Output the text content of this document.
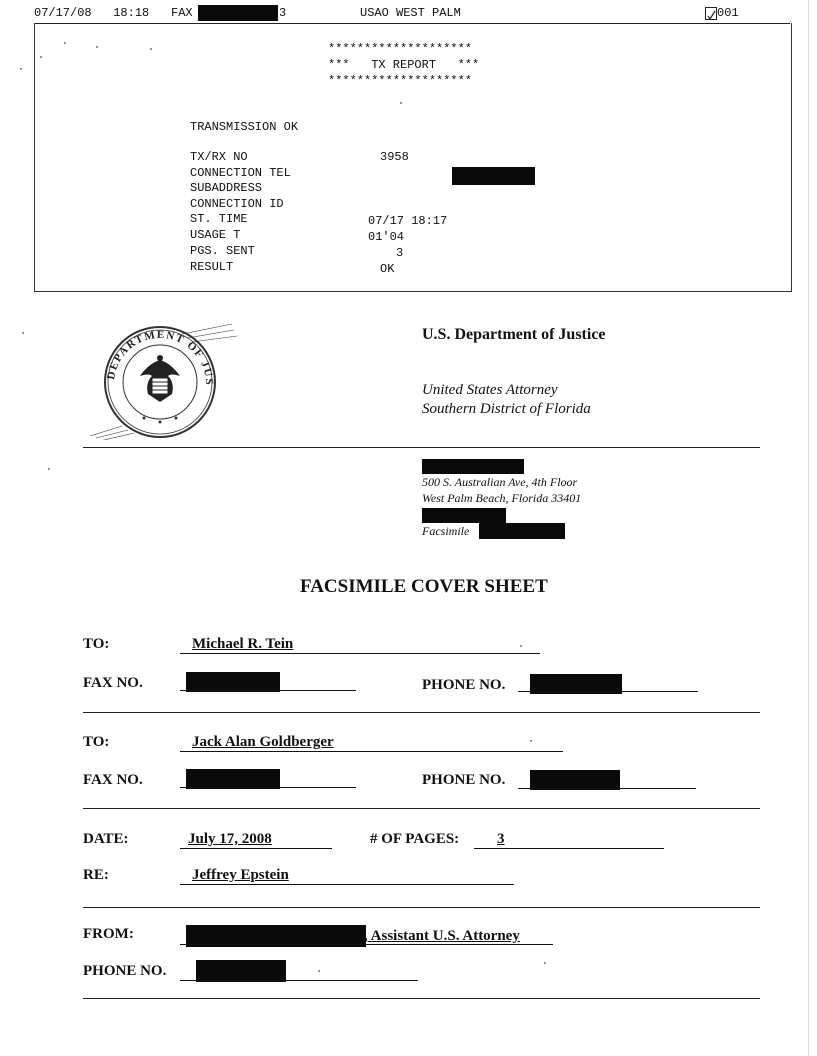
07/17/08   18:18 FAX	3	USAO WEST PALM	001
********************
***   TX REPORT   ***
********************
TRANSMISSION OK
TX/RX NO	3958
CONNECTION TEL
SUBADDRESS
CONNECTION ID
ST. TIME	07/17 18:17
USAGE T	01'04
PGS. SENT	3
RESULT	OK
DEPARTMENT OF JUS
U.S. Department of Justice
United States Attorney
Southern District of Florida
500 S. Australian Ave, 4th Floor
West Palm Beach, Florida 33401
Facsimile
FACSIMILE COVER SHEET
TO:	Michael R. Tein
FAX NO.	PHONE NO.
TO:	Jack Alan Goldberger
FAX NO.	PHONE NO.
DATE:	July 17, 2008	# OF PAGES:	3
RE:	Jeffrey Epstein
FROM:	, Assistant U.S. Attorney
PHONE NO.
